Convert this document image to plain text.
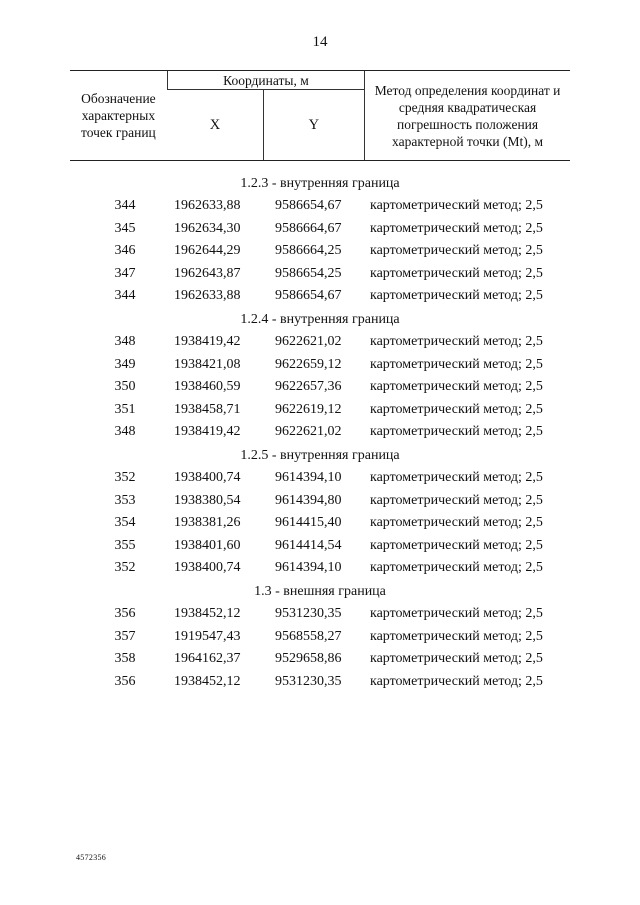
14
Обозначение характерных точек границ	Координаты, м		Метод определения координат и средняя квадратическая погрешность положения характерной точки (Mt), м
	X	Y	
1.2.3 - внутренняя граница
344	1962633,88 9586654,67 картометрический метод; 2,5
345	1962634,30 9586664,67 картометрический метод; 2,5
346	1962644,29 9586664,25 картометрический метод; 2,5
347	1962643,87 9586654,25 картометрический метод; 2,5
344	1962633,88 9586654,67 картометрический метод; 2,5
1.2.4 - внутренняя граница
348	1938419,42 9622621,02 картометрический метод; 2,5
349	1938421,08 9622659,12 картометрический метод; 2,5
350	1938460,59 9622657,36 картометрический метод; 2,5
351	1938458,71 9622619,12 картометрический метод; 2,5
348	1938419,42 9622621,02 картометрический метод; 2,5
1.2.5 - внутренняя граница
352	1938400,74 9614394,10 картометрический метод; 2,5
353	1938380,54 9614394,80 картометрический метод; 2,5
354	1938381,26 9614415,40 картометрический метод; 2,5
355	1938401,60 9614414,54 картометрический метод; 2,5
352	1938400,74 9614394,10 картометрический метод; 2,5
1.3 - внешняя граница
356	1938452,12 9531230,35 картометрический метод; 2,5
357	1919547,43 9568558,27 картометрический метод; 2,5
358	1964162,37 9529658,86 картометрический метод; 2,5
356	1938452,12 9531230,35 картометрический метод; 2,5
4572356
